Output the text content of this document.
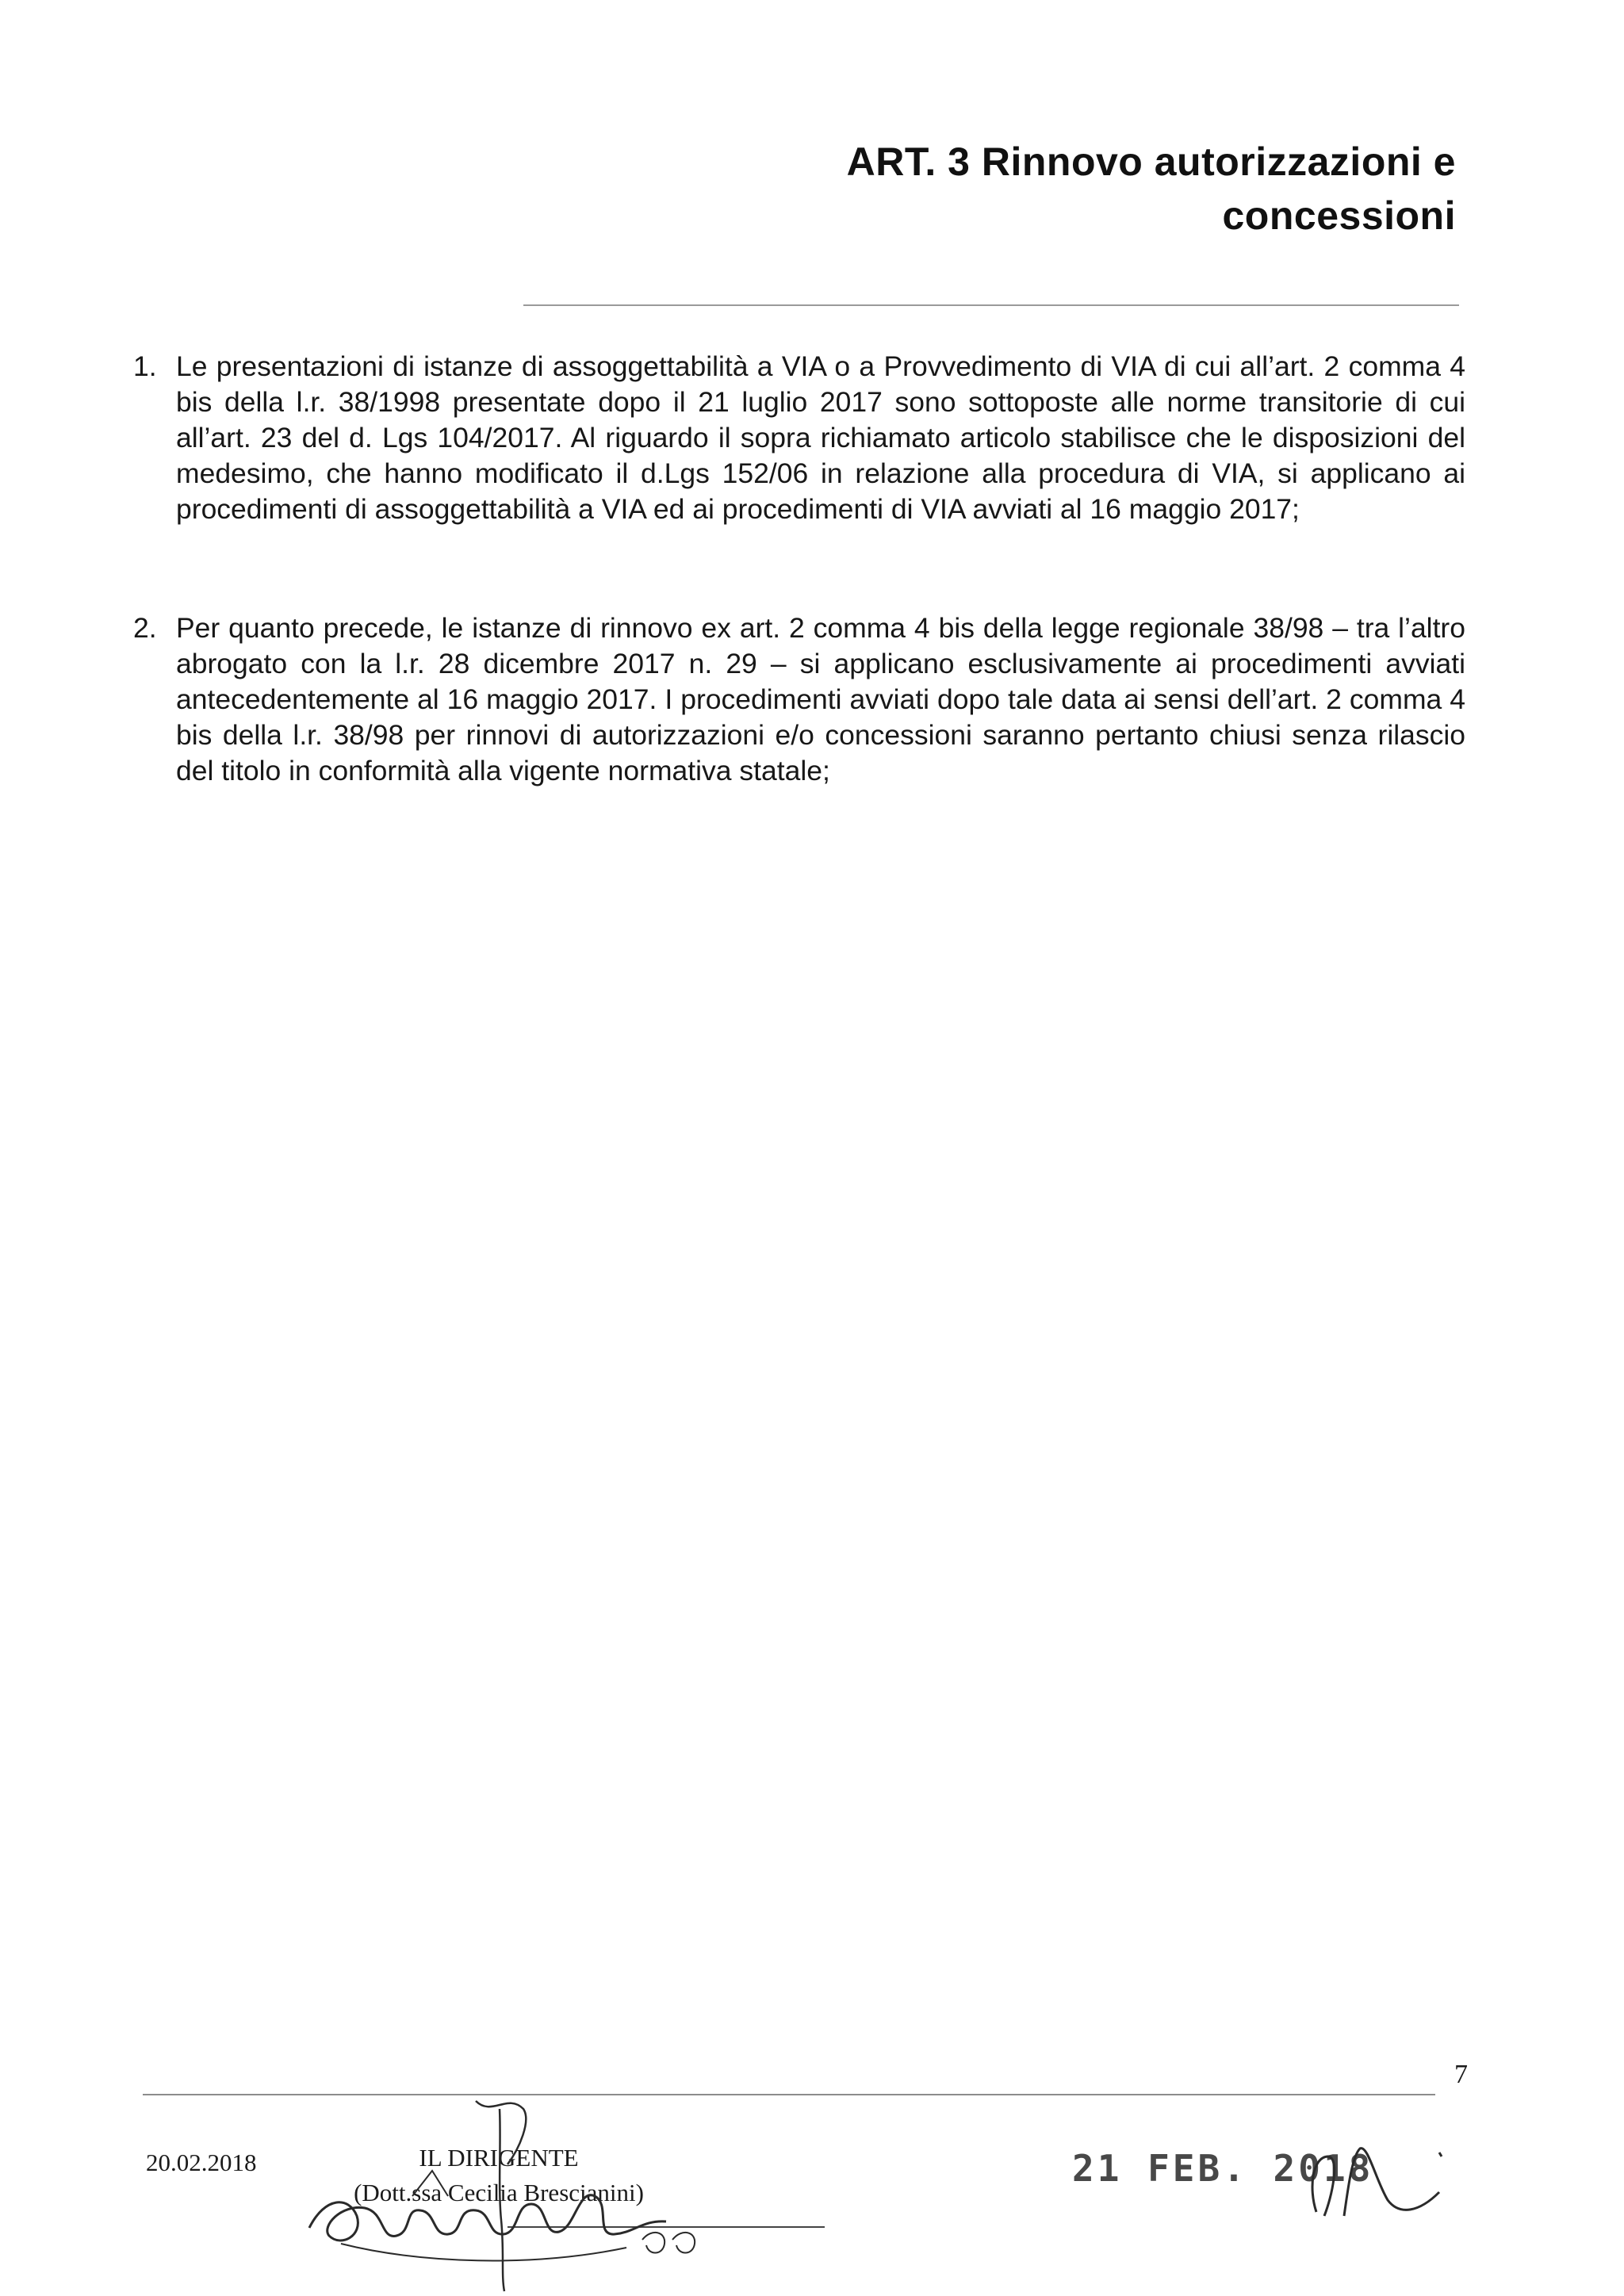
ART. 3 Rinnovo autorizzazioni e
concessioni
1. Le presentazioni di istanze di assoggettabilità a VIA o a Provvedimento di VIA di cui all’art. 2 comma 4 bis della l.r. 38/1998 presentate dopo il 21 luglio 2017 sono sottoposte alle norme transitorie di cui all’art. 23 del d. Lgs 104/2017. Al riguardo il sopra richiamato articolo stabilisce che le disposizioni del medesimo, che hanno modificato il d.Lgs 152/06 in relazione alla procedura di VIA, si applicano ai procedimenti di assoggettabilità a VIA ed ai procedimenti di VIA avviati al 16 maggio 2017;
2. Per quanto precede, le istanze di rinnovo ex art. 2 comma 4 bis della legge regionale 38/98 – tra l’altro abrogato con la l.r. 28 dicembre 2017 n. 29 – si applicano esclusivamente ai procedimenti avviati antecedentemente al 16 maggio 2017. I procedimenti avviati dopo tale data ai sensi dell’art. 2 comma 4 bis della l.r. 38/98 per rinnovi di autorizzazioni e/o concessioni saranno pertanto chiusi senza rilascio del titolo in conformità alla vigente normativa statale;
7
20.02.2018	IL DIRIGENTE
(Dott.ssa Cecilia Brescianini)
21 FEB. 2018
